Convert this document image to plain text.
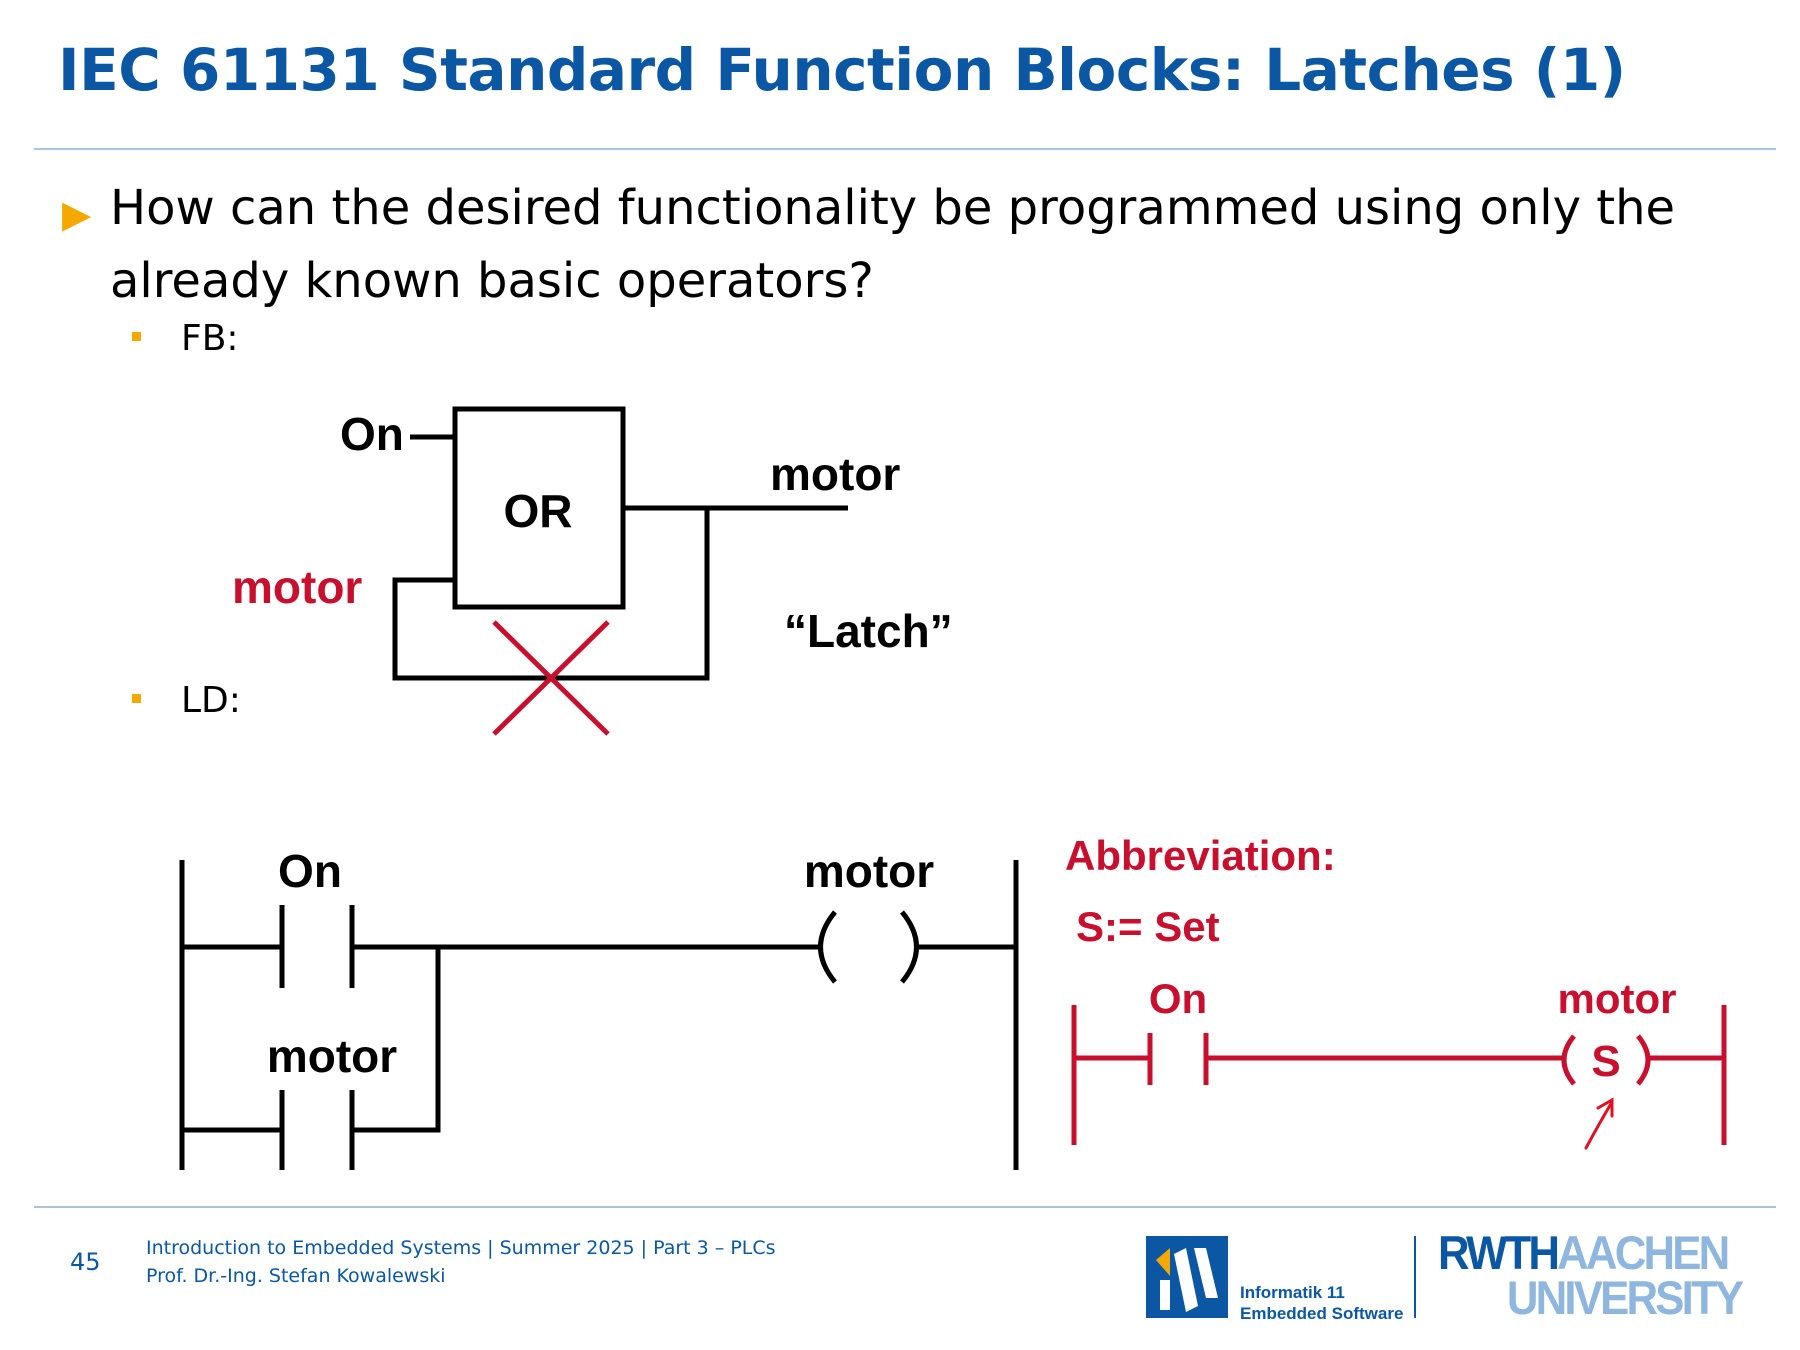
IEC 61131 Standard Function Blocks: Latches (1)
▶ How can the desired functionality be programmed using only the
already known basic operators?
FB:
LD:
On
OR
motor
motor
“Latch”
On
motor
motor	Abbreviation:
S:= Set
On	motor
S
45 Introduction to Embedded Systems | Summer 2025 | Part 3 – PLCs
Prof. Dr.-Ing. Stefan Kowalewski
Informatik 11
Embedded Software
RWTHAACHEN
UNIVERSITY
